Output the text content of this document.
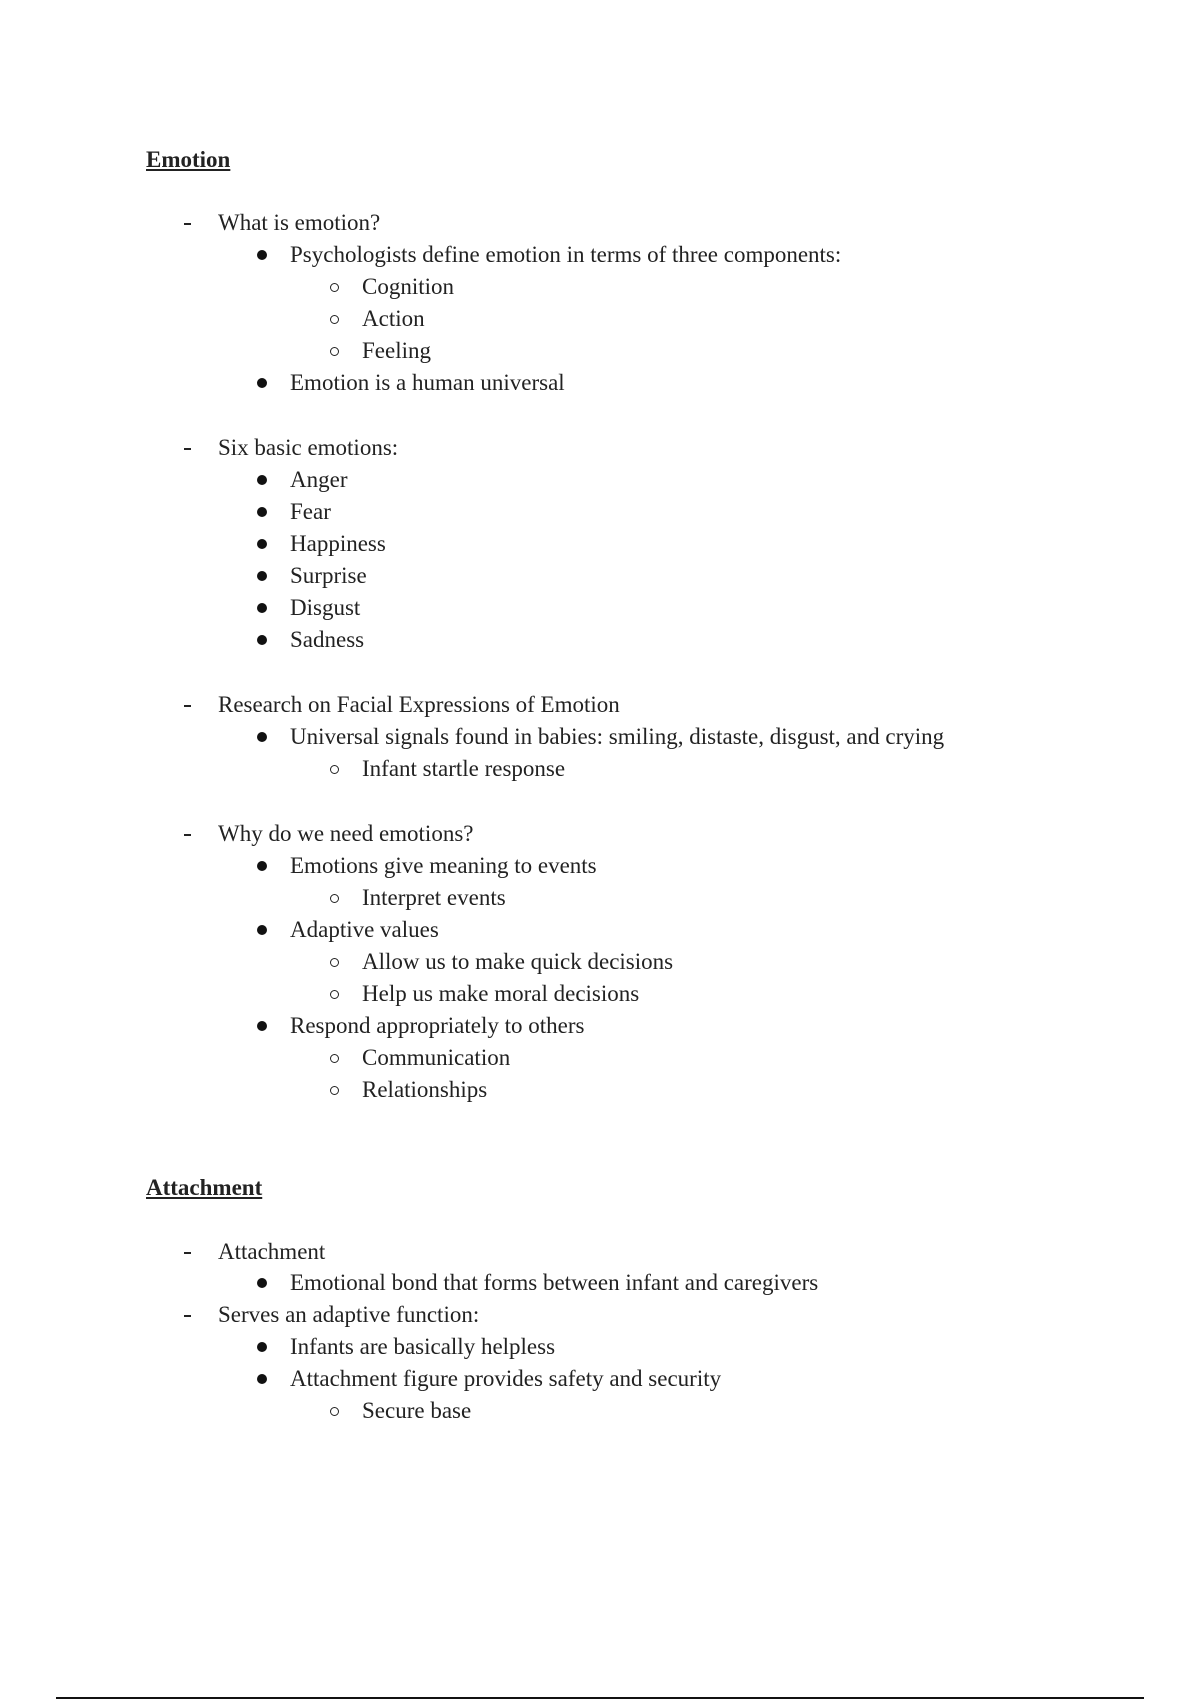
Emotion
What is emotion?
Psychologists define emotion in terms of three components:
Cognition
Action
Feeling
Emotion is a human universal
Six basic emotions:
Anger
Fear
Happiness
Surprise
Disgust
Sadness
Research on Facial Expressions of Emotion
Universal signals found in babies: smiling, distaste, disgust, and crying
Infant startle response
Why do we need emotions?
Emotions give meaning to events
Interpret events
Adaptive values
Allow us to make quick decisions
Help us make moral decisions
Respond appropriately to others
Communication
Relationships
Attachment
Attachment
Emotional bond that forms between infant and caregivers
Serves an adaptive function:
Infants are basically helpless
Attachment figure provides safety and security
Secure base
